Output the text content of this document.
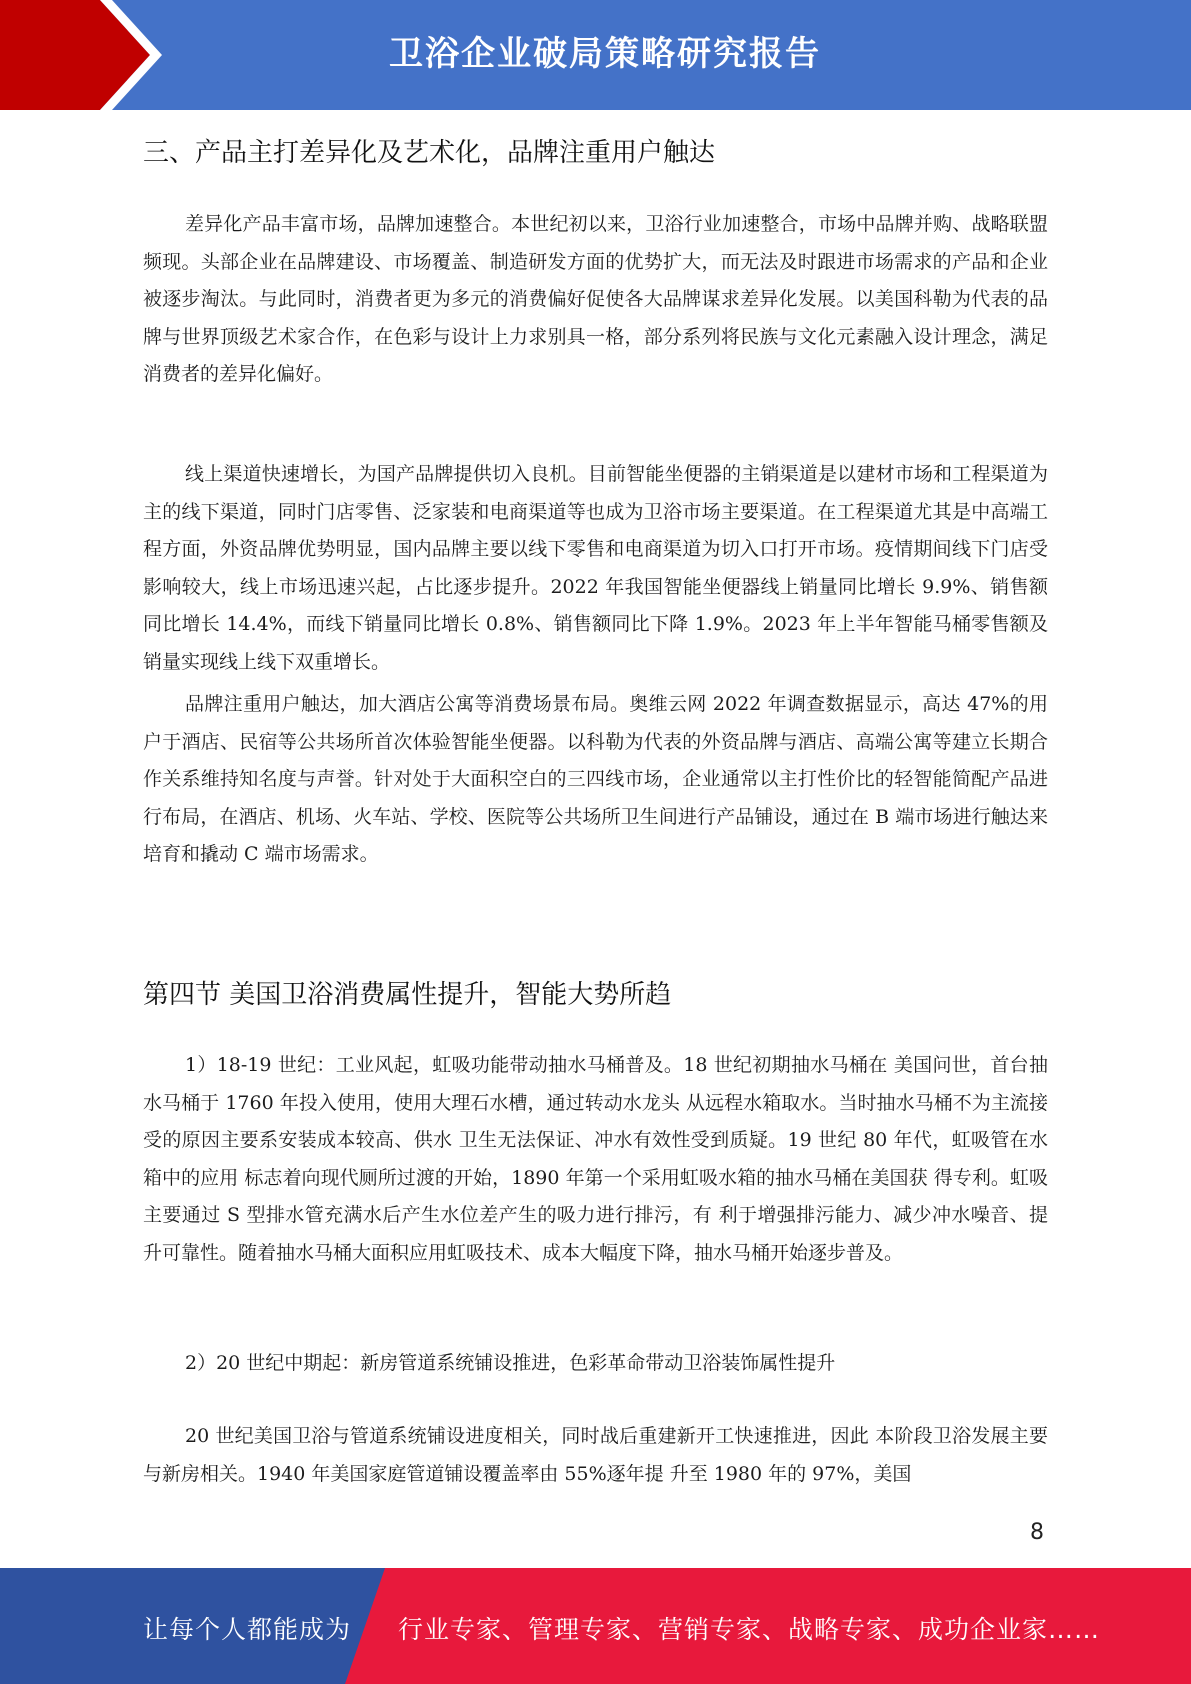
卫浴企业破局策略研究报告
三、产品主打差异化及艺术化，品牌注重用户触达

差异化产品丰富市场，品牌加速整合。本世纪初以来，卫浴行业加速整合，市场中品牌并购、战略联盟频现。头部企业在品牌建设、市场覆盖、制造研发方面的优势扩大，而无法及时跟进市场需求的产品和企业被逐步淘汰。与此同时，消费者更为多元的消费偏好促使各大品牌谋求差异化发展。以美国科勒为代表的品牌与世界顶级艺术家合作，在色彩与设计上力求别具一格，部分系列将民族与文化元素融入设计理念，满足消费者的差异化偏好。

线上渠道快速增长，为国产品牌提供切入良机。目前智能坐便器的主销渠道是以建材市场和工程渠道为主的线下渠道，同时门店零售、泛家装和电商渠道等也成为卫浴市场主要渠道。在工程渠道尤其是中高端工程方面，外资品牌优势明显，国内品牌主要以线下零售和电商渠道为切入口打开市场。疫情期间线下门店受影响较大，线上市场迅速兴起，占比逐步提升。2022 年我国智能坐便器线上销量同比增长 9.9%、销售额同比增长 14.4%，而线下销量同比增长 0.8%、销售额同比下降 1.9%。2023 年上半年智能马桶零售额及销量实现线上线下双重增长。

品牌注重用户触达，加大酒店公寓等消费场景布局。奥维云网 2022 年调查数据显示，高达 47%的用户于酒店、民宿等公共场所首次体验智能坐便器。以科勒为代表的外资品牌与酒店、高端公寓等建立长期合作关系维持知名度与声誉。针对处于大面积空白的三四线市场，企业通常以主打性价比的轻智能简配产品进行布局，在酒店、机场、火车站、学校、医院等公共场所卫生间进行产品铺设，通过在 B 端市场进行触达来培育和撬动 C 端市场需求。

第四节 美国卫浴消费属性提升，智能大势所趋

1）18-19 世纪：工业风起，虹吸功能带动抽水马桶普及。18 世纪初期抽水马桶在 美国问世，首台抽水马桶于 1760 年投入使用，使用大理石水槽，通过转动水龙头 从远程水箱取水。当时抽水马桶不为主流接受的原因主要系安装成本较高、供水 卫生无法保证、冲水有效性受到质疑。19 世纪 80 年代，虹吸管在水箱中的应用 标志着向现代厕所过渡的开始，1890 年第一个采用虹吸水箱的抽水马桶在美国获 得专利。虹吸主要通过 S 型排水管充满水后产生水位差产生的吸力进行排污，有 利于增强排污能力、减少冲水噪音、提升可靠性。随着抽水马桶大面积应用虹吸技术、成本大幅度下降，抽水马桶开始逐步普及。

2）20 世纪中期起：新房管道系统铺设推进，色彩革命带动卫浴装饰属性提升

20 世纪美国卫浴与管道系统铺设进度相关，同时战后重建新开工快速推进，因此 本阶段卫浴发展主要与新房相关。1940 年美国家庭管道铺设覆盖率由 55%逐年提 升至 1980 年的 97%，美国

8
让每个人都能成为 行业专家、管理专家、营销专家、战略专家、成功企业家……
